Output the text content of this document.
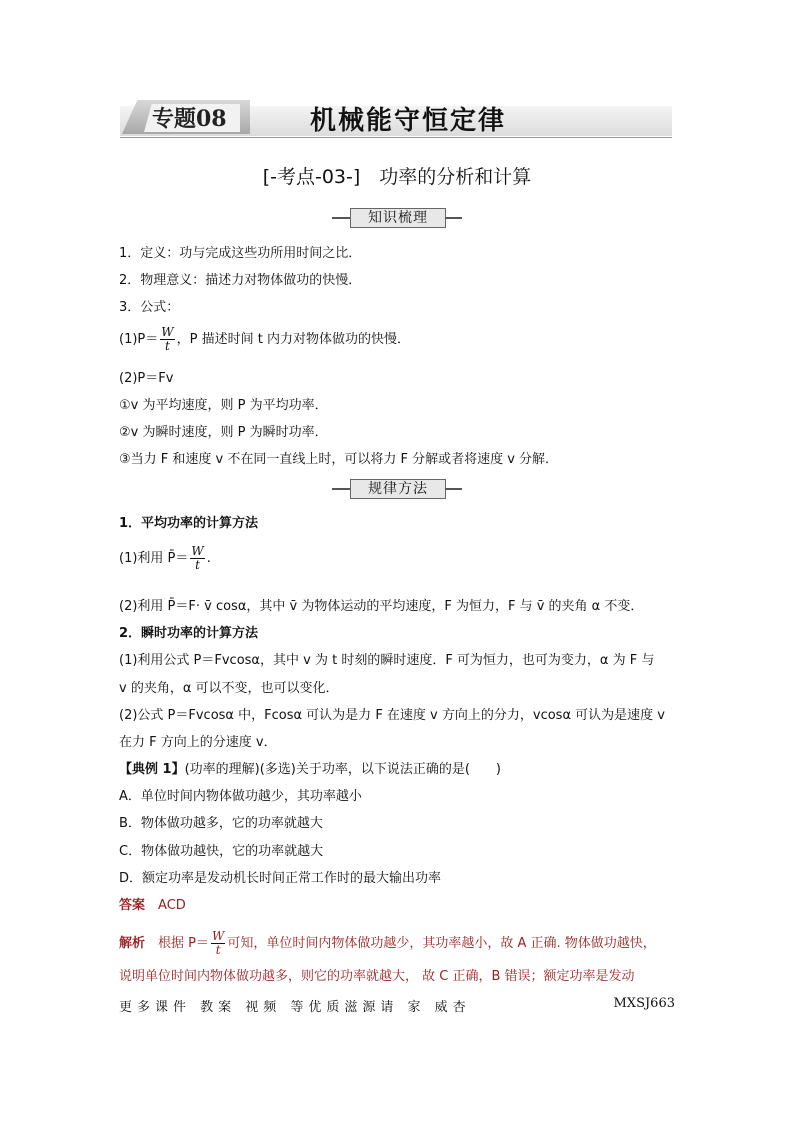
专题08	机械能守恒定律
[-考点-03-]　功率的分析和计算
知识梳理
1．定义：功与完成这些功所用时间之比．
2．物理意义：描述力对物体做功的快慢．
3．公式：
$(1)P= \frac{W}{t}$ ，P 描述时间 t 内力对物体做功的快慢．
(2)P＝Fv
①v 为平均速度，则 P 为平均功率．
②v 为瞬时速度，则 P 为瞬时功率．
③当力 F 和速度 v 不在同一直线上时，可以将力 F 分解或者将速度 v 分解．
规律方法
1．平均功率的计算方法
(1)利用 P̄＝ $\frac{W}{t}$ .
(2)利用 P̄＝F· v̄ cosα，其中 v̄ 为物体运动的平均速度，F 为恒力，F 与 v̄ 的夹角 α 不变．
2．瞬时功率的计算方法
(1)利用公式 P＝Fvcosα，其中 v 为 t 时刻的瞬时速度．F 可为恒力，也可为变力，α 为 F 与
v 的夹角，α 可以不变，也可以变化．
(2)公式 P＝Fvcosα 中，Fcosα 可认为是力 F 在速度 v 方向上的分力，vcosα 可认为是速度 v
在力 F 方向上的分速度 v．
【典例 1】(功率的理解)(多选)关于功率，以下说法正确的是(　　)
A．单位时间内物体做功越少，其功率越小
B．物体做功越多，它的功率就越大
C．物体做功越快，它的功率就越大
D．额定功率是发动机长时间正常工作时的最大输出功率
答案　 ACD
解析　 根据 $P= \frac{W}{t}$ 可知，单位时间内物体做功越少，其功率越小，故 A 正确. 物体做功越快，
说明单位时间内物体做功越多，则它的功率就越大， 故 C 正确，B 错误；额定功率是发动
更多课件 教案 视频 等优质滋源请 家 威杏	MXSJ663
